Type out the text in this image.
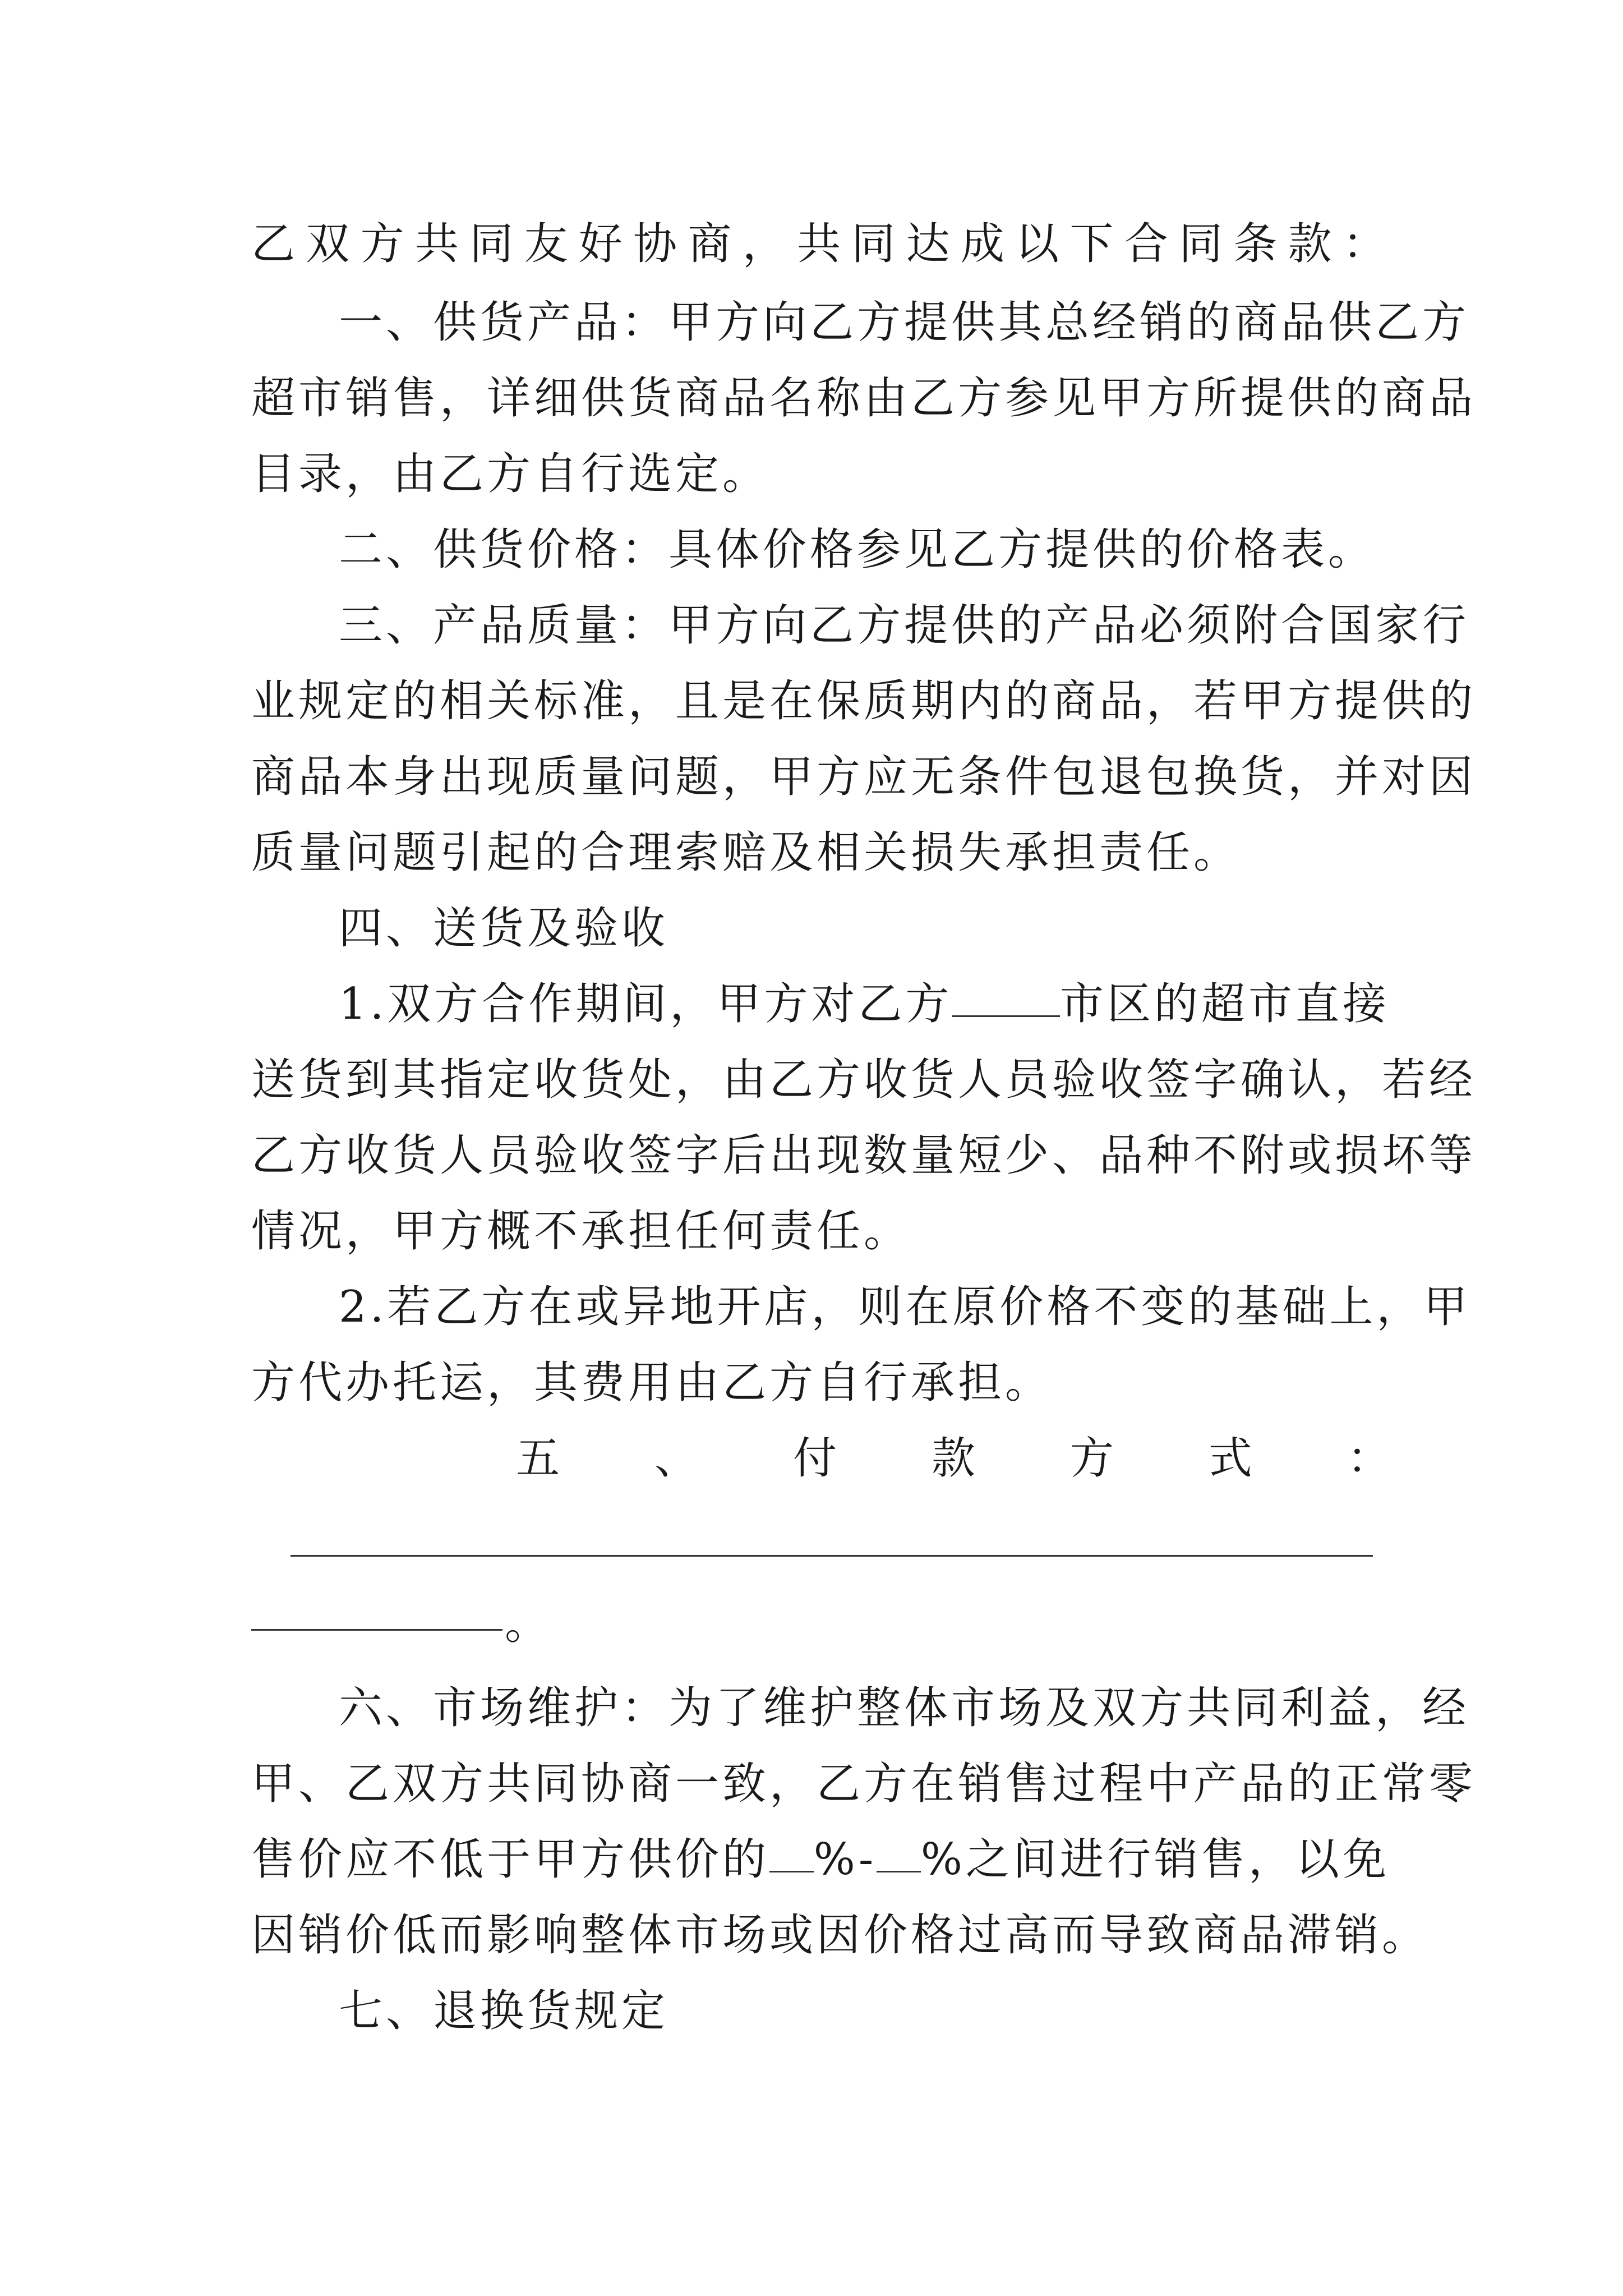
乙双方共同友好协商，共同达成以下合同条款：
一、供货产品：甲方向乙方提供其总经销的商品供乙方
超市销售，详细供货商品名称由乙方参见甲方所提供的商品
目录，由乙方自行选定。
二、供货价格：具体价格参见乙方提供的价格表。
三、产品质量：甲方向乙方提供的产品必须附合国家行
业规定的相关标准，且是在保质期内的商品，若甲方提供的
商品本身出现质量问题，甲方应无条件包退包换货，并对因
质量问题引起的合理索赔及相关损失承担责任。
四、送货及验收
1.双方合作期间，甲方对乙方 市区的超市直接
送货到其指定收货处，由乙方收货人员验收签字确认，若经
乙方收货人员验收签字后出现数量短少、品种不附或损坏等
情况，甲方概不承担任何责任。
2.若乙方在或异地开店，则在原价格不变的基础上，甲
方代办托运，其费用由乙方自行承担。
五 、 付 款 方 式 ：
。
六、市场维护：为了维护整体市场及双方共同利益，经
甲、乙双方共同协商一致，乙方在销售过程中产品的正常零
售价应不低于甲方供价的 %- %之间进行销售，以免
因销价低而影响整体市场或因价格过高而导致商品滞销。
七、退换货规定
